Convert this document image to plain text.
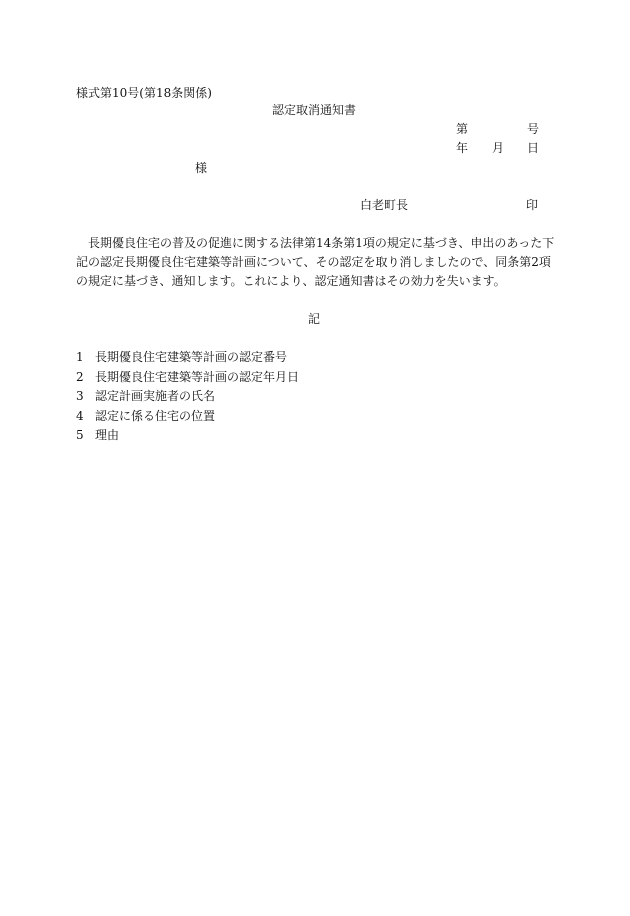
様式第10号(第18条関係)
認定取消通知書
第	号
年 月 日
様
白老町長	印
長期優良住宅の普及の促進に関する法律第14条第1項の規定に基づき、申出のあった下記の認定長期優良住宅建築等計画について、その認定を取り消しましたので、同条第2項の規定に基づき、通知します。これにより、認定通知書はその効力を失います。
記
1 長期優良住宅建築等計画の認定番号
2 長期優良住宅建築等計画の認定年月日
3 認定計画実施者の氏名
4 認定に係る住宅の位置
5 理由
